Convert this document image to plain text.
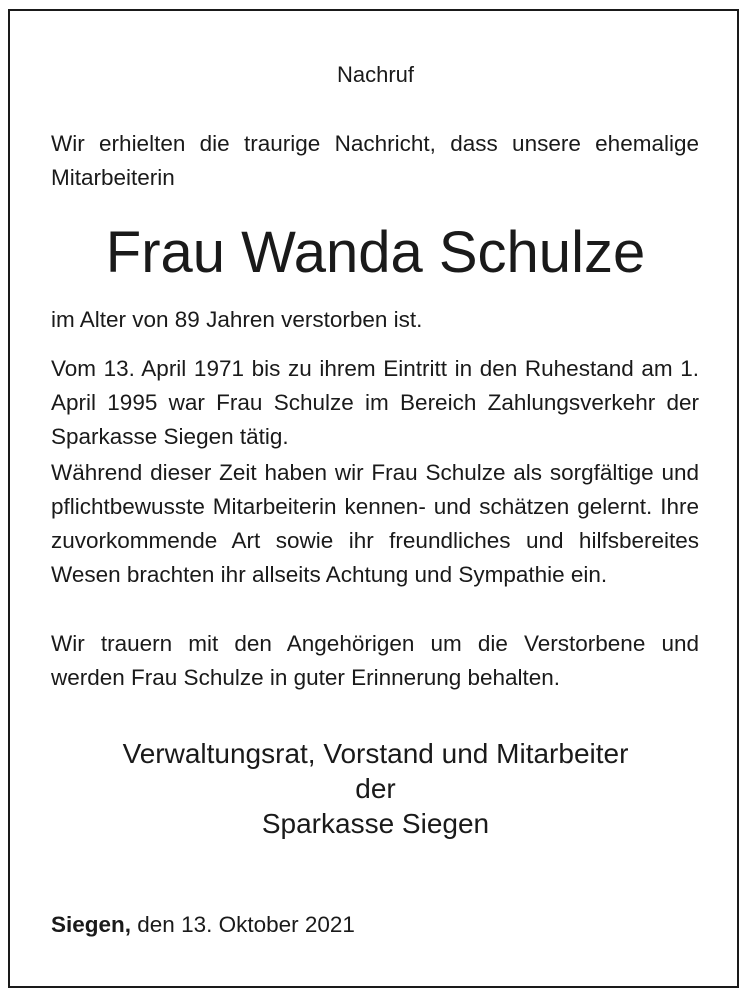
Nachruf
Wir erhielten die traurige Nachricht, dass unsere ehemalige Mitarbeiterin
Frau Wanda Schulze
im Alter von 89 Jahren verstorben ist.
Vom 13. April 1971 bis zu ihrem Eintritt in den Ruhestand am 1. April 1995 war Frau Schulze im Bereich Zahlungsverkehr der Sparkasse Siegen tätig.
Während dieser Zeit haben wir Frau Schulze als sorgfältige und pflichtbewusste Mitarbeiterin kennen- und schätzen gelernt. Ihre zuvorkommende Art sowie ihr freundliches und hilfsbereites Wesen brachten ihr allseits Achtung und Sympathie ein.
Wir trauern mit den Angehörigen um die Verstorbene und werden Frau Schulze in guter Erinnerung behalten.
Verwaltungsrat, Vorstand und Mitarbeiter
der
Sparkasse Siegen
Siegen, den 13. Oktober 2021
